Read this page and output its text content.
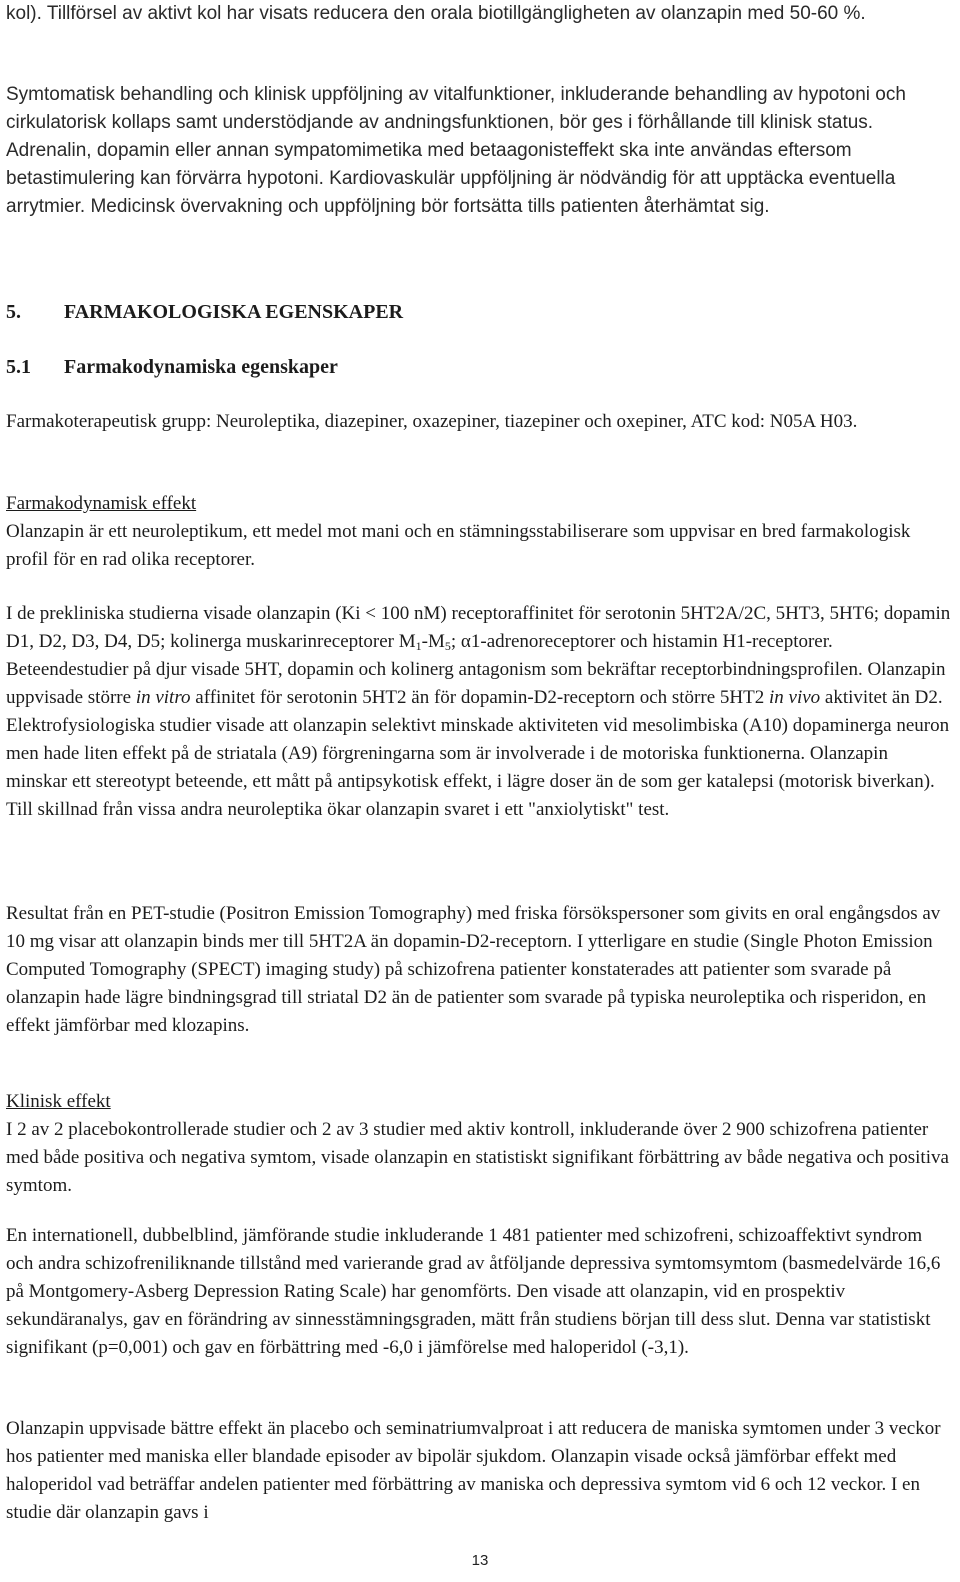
kol). Tillförsel av aktivt kol har visats reducera den orala biotillgängligheten av olanzapin med 50-60 %.

Symtomatisk behandling och klinisk uppföljning av vitalfunktioner, inkluderande behandling av hypotoni och cirkulatorisk kollaps samt understödjande av andningsfunktionen, bör ges i förhållande till klinisk status. Adrenalin, dopamin eller annan sympatomimetika med betaagonisteffekt ska inte användas eftersom betastimulering kan förvärra hypotoni. Kardiovaskulär uppföljning är nödvändig för att upptäcka eventuella arrytmier. Medicinsk övervakning och uppföljning bör fortsätta tills patienten återhämtat sig.

5. FARMAKOLOGISKA EGENSKAPER

5.1 Farmakodynamiska egenskaper

Farmakoterapeutisk grupp: Neuroleptika, diazepiner, oxazepiner, tiazepiner och oxepiner, ATC kod: N05A H03.

Farmakodynamisk effekt

Olanzapin är ett neuroleptikum, ett medel mot mani och en stämningsstabiliserare som uppvisar en bred farmakologisk profil för en rad olika receptorer.

I de prekliniska studierna visade olanzapin (Ki < 100 nM) receptoraffinitet för serotonin 5HT2A/2C, 5HT3, 5HT6; dopamin D1, D2, D3, D4, D5; kolinerga muskarinreceptorer $M_1-M_5$; α1-adrenoreceptorer och histamin H1-receptorer. Beteendestudier på djur visade 5HT, dopamin och kolinerg antagonism som bekräftar receptorbindningsprofilen. Olanzapin uppvisade större in vitro affinitet för serotonin 5HT2 än för dopamin-D2-receptorn och större 5HT2 in vivo aktivitet än D2. Elektrofysiologiska studier visade att olanzapin selektivt minskade aktiviteten vid mesolimbiska (A10) dopaminerga neuron men hade liten effekt på de striatala (A9) förgreningarna som är involverade i de motoriska funktionerna. Olanzapin minskar ett stereotypt beteende, ett mått på antipsykotisk effekt, i lägre doser än de som ger katalepsi (motorisk biverkan). Till skillnad från vissa andra neuroleptika ökar olanzapin svaret i ett "anxiolytiskt" test.

Resultat från en PET-studie (Positron Emission Tomography) med friska försökspersoner som givits en oral engångsdos av 10 mg visar att olanzapin binds mer till 5HT2A än dopamin-D2-receptorn. I ytterligare en studie (Single Photon Emission Computed Tomography (SPECT) imaging study) på schizofrena patienter konstaterades att patienter som svarade på olanzapin hade lägre bindningsgrad till striatal D2 än de patienter som svarade på typiska neuroleptika och risperidon, en effekt jämförbar med klozapins.

Klinisk effekt

I 2 av 2 placebokontrollerade studier och 2 av 3 studier med aktiv kontroll, inkluderande över 2 900 schizofrena patienter med både positiva och negativa symtom, visade olanzapin en statistiskt signifikant förbättring av både negativa och positiva symtom.

En internationell, dubbelblind, jämförande studie inkluderande 1 481 patienter med schizofreni, schizoaffektivt syndrom och andra schizofreniliknande tillstånd med varierande grad av åtföljande depressiva symtomsymtom (basmedelvärde 16,6 på Montgomery-Asberg Depression Rating Scale) har genomförts. Den visade att olanzapin, vid en prospektiv sekundäranalys, gav en förändring av sinnesstämningsgraden, mätt från studiens början till dess slut. Denna var statistiskt signifikant (p=0,001) och gav en förbättring med -6,0 i jämförelse med haloperidol (-3,1).

Olanzapin uppvisade bättre effekt än placebo och seminatriumvalproat i att reducera de maniska symtomen under 3 veckor hos patienter med maniska eller blandade episoder av bipolär sjukdom. Olanzapin visade också jämförbar effekt med haloperidol vad beträffar andelen patienter med förbättring av maniska och depressiva symtom vid 6 och 12 veckor. I en studie där olanzapin gavs i

13
